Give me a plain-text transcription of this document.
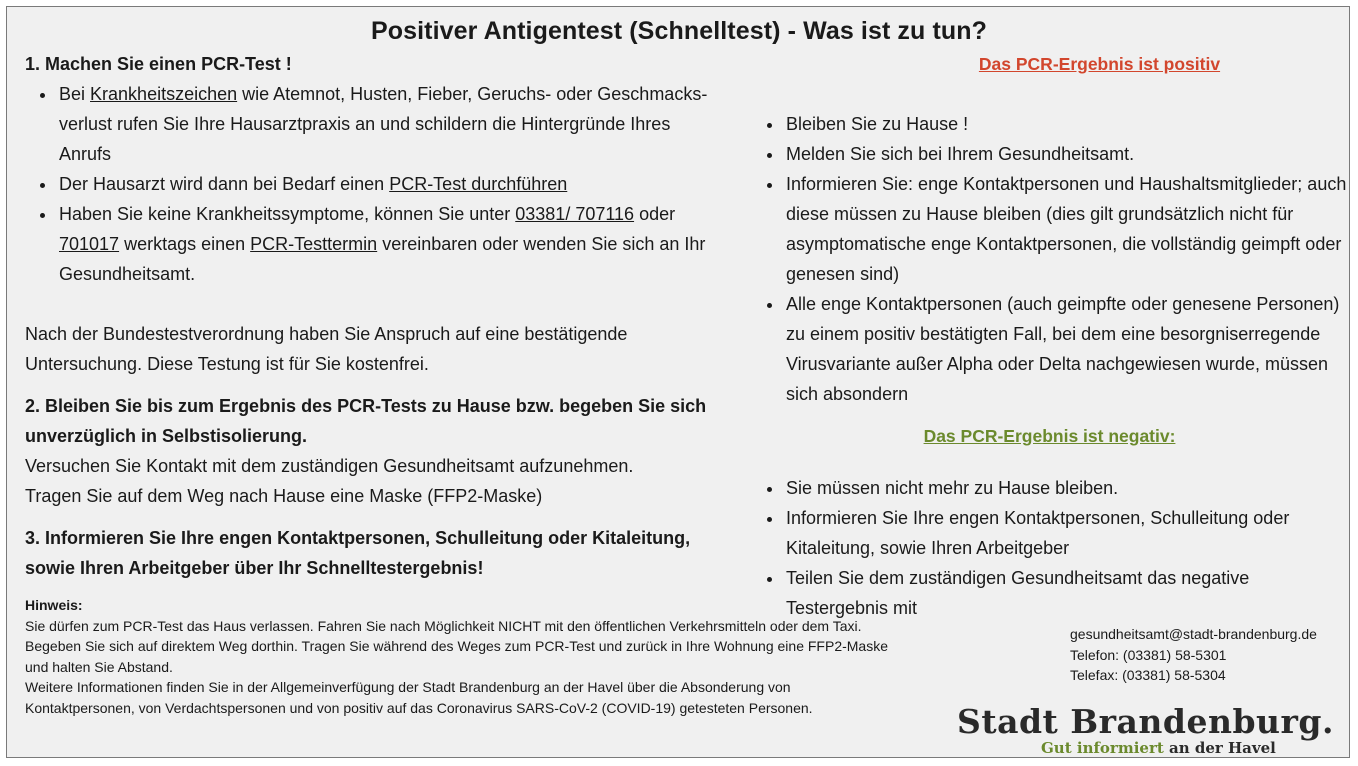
Positiver Antigentest (Schnelltest) - Was ist zu tun?
1. Machen Sie einen PCR-Test !
• Bei Krankheitszeichen wie Atemnot, Husten, Fieber, Geruchs- oder Geschmacks-verlust rufen Sie Ihre Hausarztpraxis an und schildern die Hintergründe Ihres Anrufs
• Der Hausarzt wird dann bei Bedarf einen PCR-Test durchführen
• Haben Sie keine Krankheitssymptome, können Sie unter 03381/ 707116 oder 701017 werktags einen PCR-Testtermin vereinbaren oder wenden Sie sich an Ihr Gesundheitsamt.
Nach der Bundestestverordnung haben Sie Anspruch auf eine bestätigende Untersuchung. Diese Testung ist für Sie kostenfrei.
2. Bleiben Sie bis zum Ergebnis des PCR-Tests zu Hause bzw. begeben Sie sich unverzüglich in Selbstisolierung.
Versuchen Sie Kontakt mit dem zuständigen Gesundheitsamt aufzunehmen.
Tragen Sie auf dem Weg nach Hause eine Maske (FFP2-Maske)
3. Informieren Sie Ihre engen Kontaktpersonen, Schulleitung oder Kitaleitung, sowie Ihren Arbeitgeber über Ihr Schnelltestergebnis!
Das PCR-Ergebnis ist positiv
• Bleiben Sie zu Hause !
• Melden Sie sich bei Ihrem Gesundheitsamt.
• Informieren Sie: enge Kontaktpersonen und Haushaltsmitglieder; auch diese müssen zu Hause bleiben (dies gilt grundsätzlich nicht für asymptomatische enge Kontaktpersonen, die vollständig geimpft oder genesen sind)
• Alle enge Kontaktpersonen (auch geimpfte oder genesene Personen) zu einem positiv bestätigten Fall, bei dem eine besorgniserregende Virusvariante außer Alpha oder Delta nachgewiesen wurde, müssen sich absondern
Das PCR-Ergebnis ist negativ:
• Sie müssen nicht mehr zu Hause bleiben.
• Informieren Sie Ihre engen Kontaktpersonen, Schulleitung oder Kitaleitung, sowie Ihren Arbeitgeber
• Teilen Sie dem zuständigen Gesundheitsamt das negative Testergebnis mit
Hinweis:
Sie dürfen zum PCR-Test das Haus verlassen. Fahren Sie nach Möglichkeit NICHT mit den öffentlichen Verkehrsmitteln oder dem Taxi.
Begeben Sie sich auf direktem Weg dorthin. Tragen Sie während des Weges zum PCR-Test und zurück in Ihre Wohnung eine FFP2-Maske
und halten Sie Abstand.
Weitere Informationen finden Sie in der Allgemeinverfügung der Stadt Brandenburg an der Havel über die Absonderung von
Kontaktpersonen, von Verdachtspersonen und von positiv auf das Coronavirus SARS-CoV-2 (COVID-19) getesteten Personen.
gesundheitsamt@stadt-brandenburg.de
Telefon: (03381) 58-5301
Telefax: (03381) 58-5304
Stadt Brandenburg.
Gut informiert an der Havel
